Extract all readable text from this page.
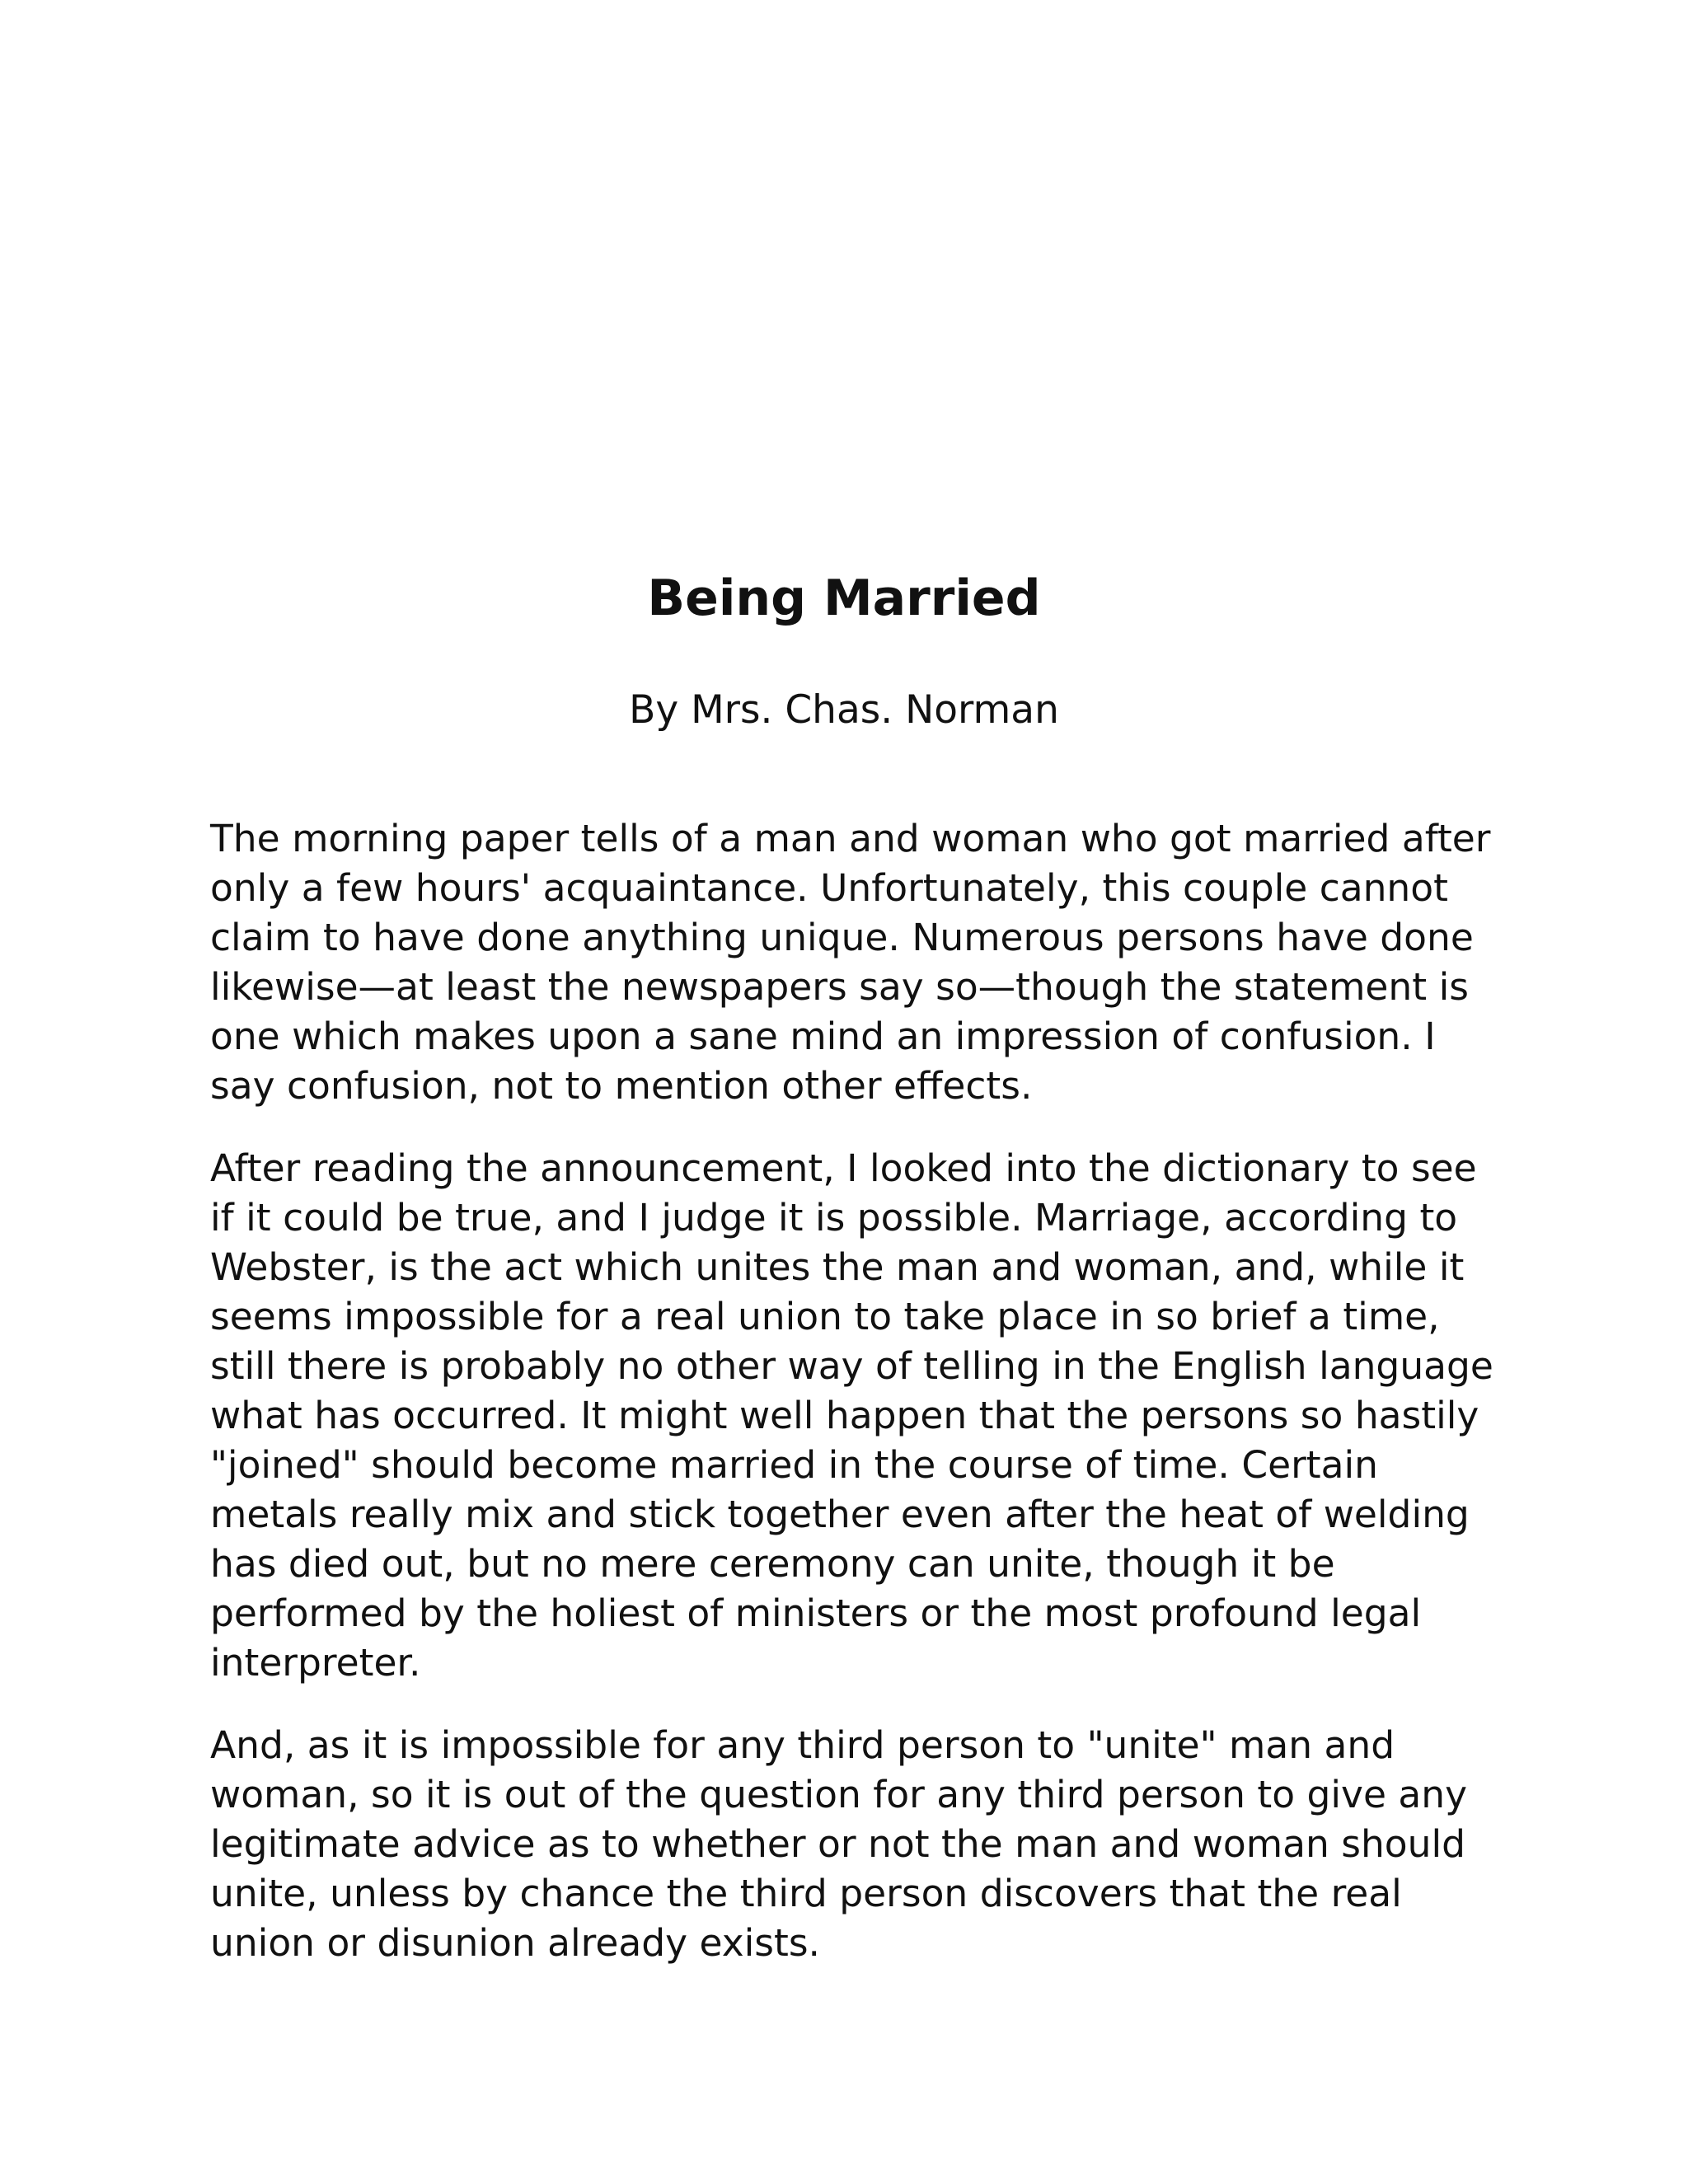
Being Married

By Mrs. Chas. Norman

The morning paper tells of a man and woman who got married after
only a few hours' acquaintance. Unfortunately, this couple cannot
claim to have done anything unique. Numerous persons have done
likewise—at least the newspapers say so—though the statement is
one which makes upon a sane mind an impression of confusion. I
say confusion, not to mention other effects.

After reading the announcement, I looked into the dictionary to see
if it could be true, and I judge it is possible. Marriage, according to
Webster, is the act which unites the man and woman, and, while it
seems impossible for a real union to take place in so brief a time,
still there is probably no other way of telling in the English language
what has occurred. It might well happen that the persons so hastily
"joined" should become married in the course of time. Certain
metals really mix and stick together even after the heat of welding
has died out, but no mere ceremony can unite, though it be
performed by the holiest of ministers or the most profound legal
interpreter.

And, as it is impossible for any third person to "unite" man and
woman, so it is out of the question for any third person to give any
legitimate advice as to whether or not the man and woman should
unite, unless by chance the third person discovers that the real
union or disunion already exists.
